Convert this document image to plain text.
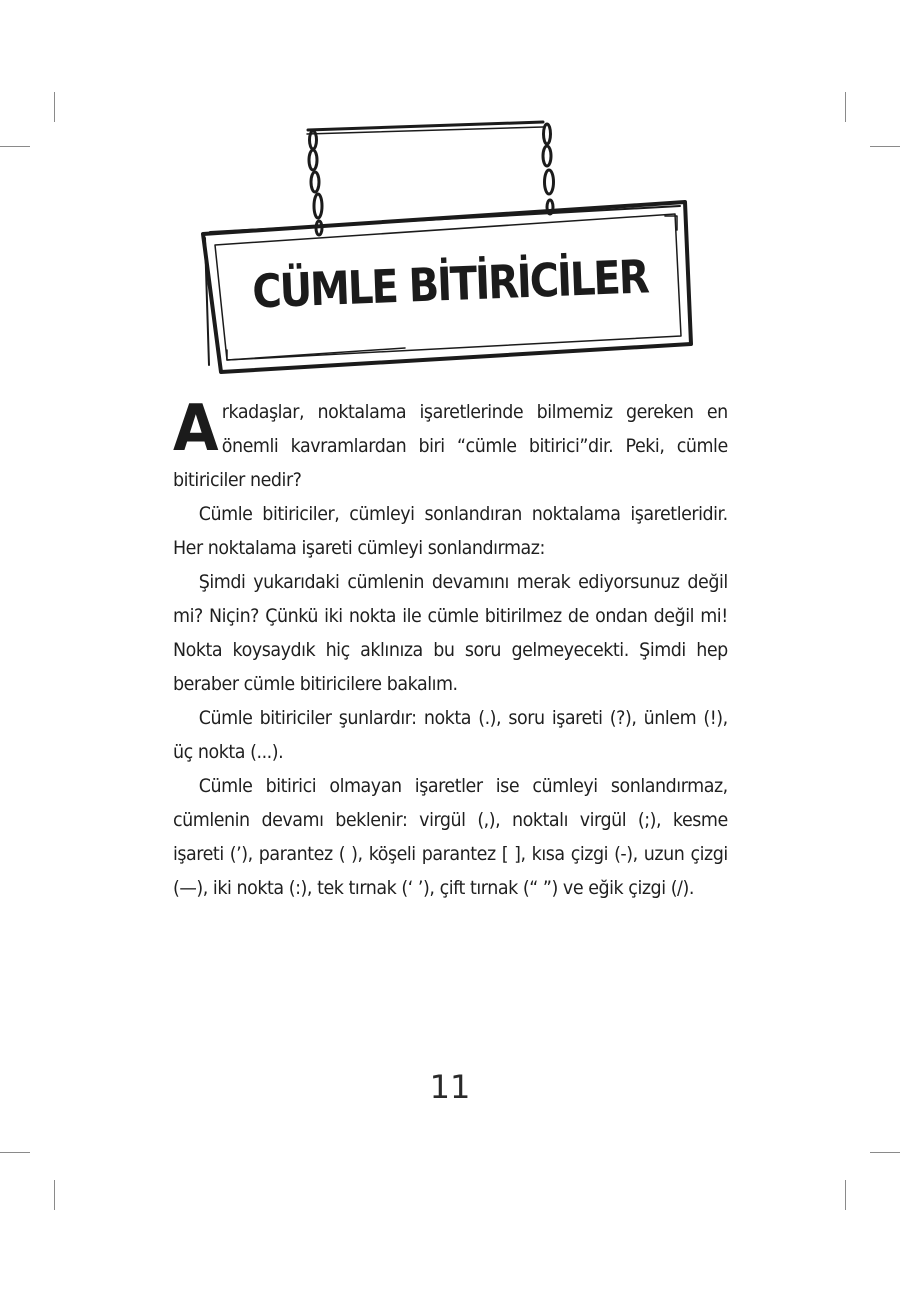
CÜMLE BİTİRİCİLER

Arkadaşlar, noktalama işaretlerinde bilmemiz gereken en önemli kavramlardan biri “cümle bitirici”dir. Peki, cümle bitiriciler nedir?

Cümle bitiriciler, cümleyi sonlandıran noktalama işaretleridir. Her noktalama işareti cümleyi sonlandırmaz:

Şimdi yukarıdaki cümlenin devamını merak ediyorsunuz değil mi? Niçin? Çünkü iki nokta ile cümle bitirilmez de ondan değil mi! Nokta koysaydık hiç aklınıza bu soru gelmeyecekti. Şimdi hep beraber cümle bitiricilere bakalım.

Cümle bitiriciler şunlardır: nokta (.), soru işareti (?), ünlem (!), üç nokta (...).

Cümle bitirici olmayan işaretler ise cümleyi sonlandırmaz, cümlenin devamı beklenir: virgül (,), noktalı virgül (;), kesme işareti (’), parantez ( ), köşeli parantez [ ], kısa çizgi (-), uzun çizgi (—), iki nokta (:), tek tırnak (‘ ’), çift tırnak (“ ”) ve eğik çizgi (/).

11
